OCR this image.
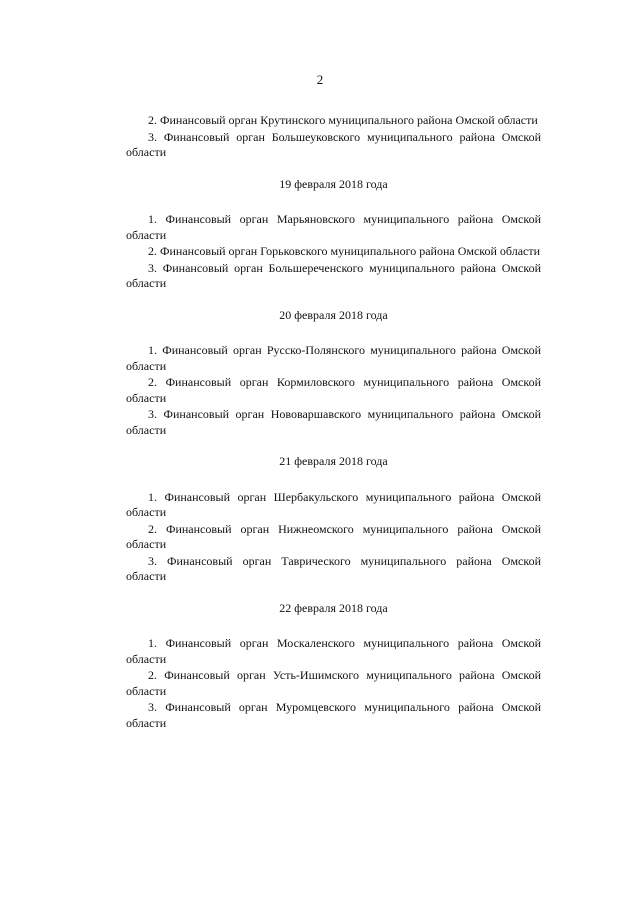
2

2. Финансовый орган Крутинского муниципального района Омской области

3. Финансовый орган Большеуковского муниципального района Омской области

19 февраля 2018 года

1. Финансовый орган Марьяновского муниципального района Омской области

2. Финансовый орган Горьковского муниципального района Омской области

3. Финансовый орган Большереченского муниципального района Омской области

20 февраля 2018 года

1. Финансовый орган Русско-Полянского муниципального района Омской области

2. Финансовый орган Кормиловского муниципального района Омской области

3. Финансовый орган Нововаршавского муниципального района Омской области

21 февраля 2018 года

1. Финансовый орган Шербакульского муниципального района Омской области

2. Финансовый орган Нижнеомского муниципального района Омской области

3. Финансовый орган Таврического муниципального района Омской области

22 февраля 2018 года

1. Финансовый орган Москаленского муниципального района Омской области

2. Финансовый орган Усть-Ишимского муниципального района Омской области

3. Финансовый орган Муромцевского муниципального района Омской области
